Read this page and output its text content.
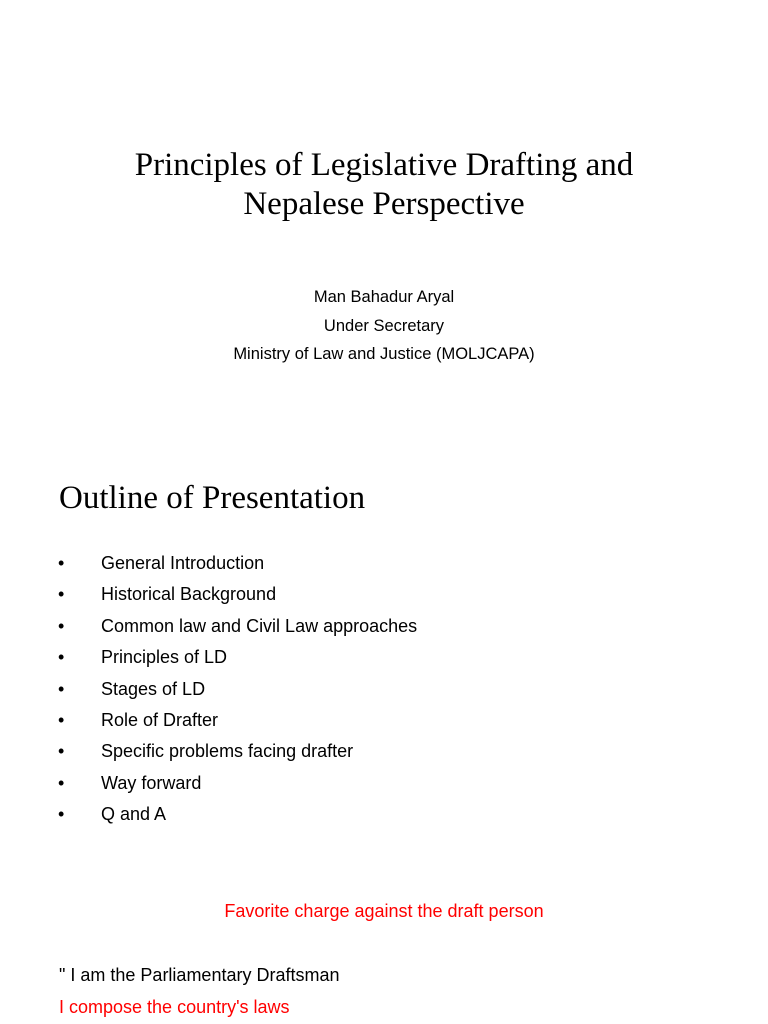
Principles of Legislative Drafting and
Nepalese Perspective
Man Bahadur Aryal
Under Secretary
Ministry of Law and Justice (MOLJCAPA)
Outline of Presentation
•	General Introduction
•	Historical Background
•	Common law and Civil Law approaches
•	Principles of LD
•	Stages of LD
•	Role of Drafter
•	Specific problems facing drafter
•	Way forward
•	Q and A
Favorite charge against the draft person
" I am the Parliamentary Draftsman
I compose the country's laws
